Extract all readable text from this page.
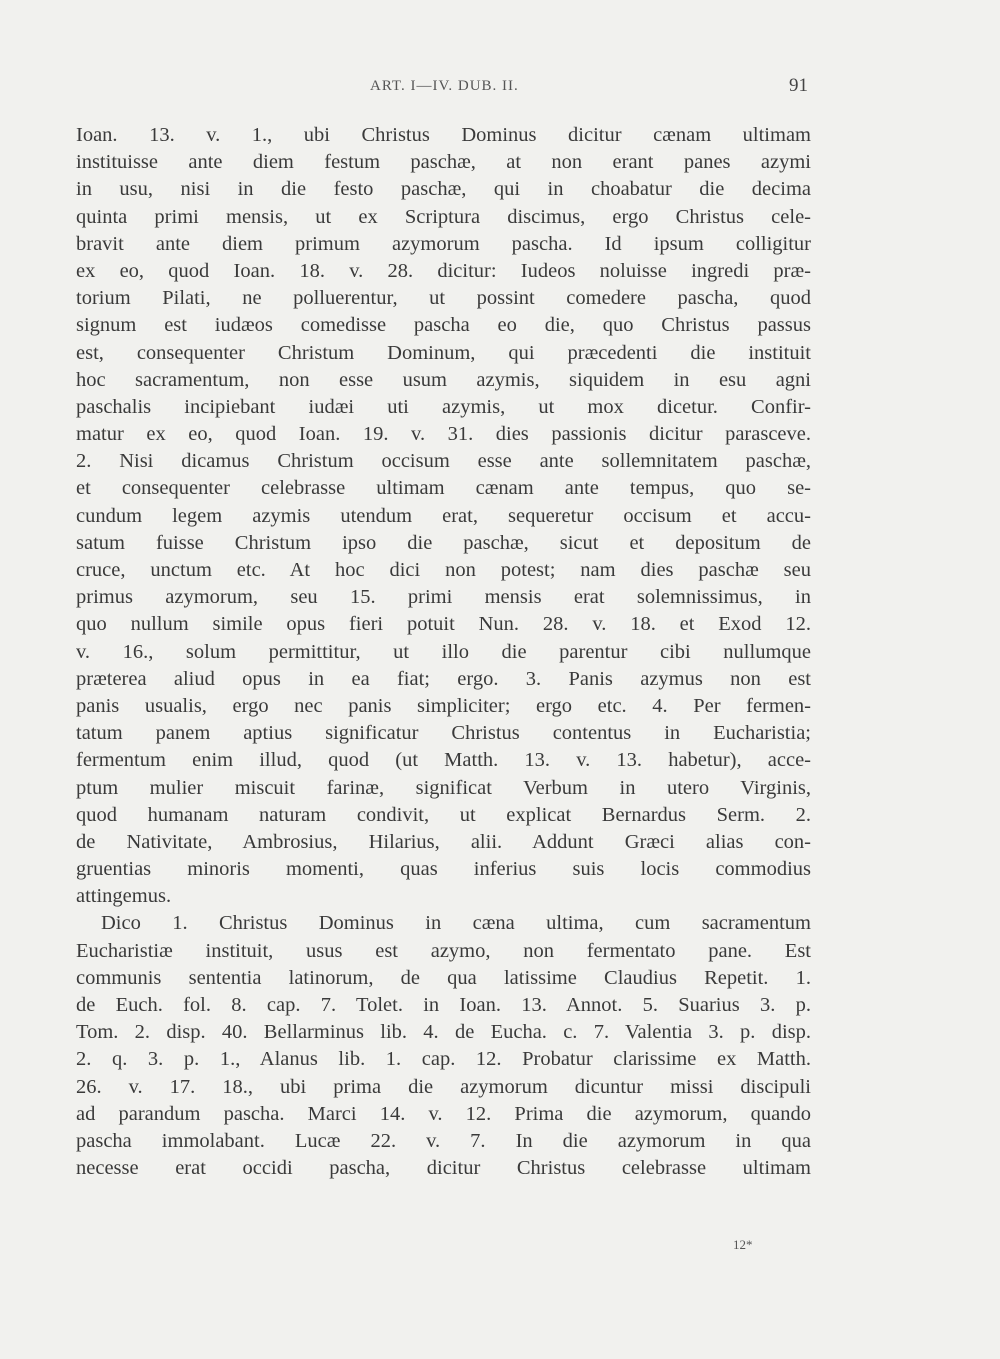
ART. I—IV. DUB. II.	91
Ioan. 13. v. 1., ubi Christus Dominus dicitur cænam ultimam
instituisse ante diem festum paschæ, at non erant panes azymi
in usu, nisi in die festo paschæ, qui in choabatur die decima
quinta primi mensis, ut ex Scriptura discimus, ergo Christus cele-
bravit ante diem primum azymorum pascha. Id ipsum colligitur
ex eo, quod Ioan. 18. v. 28. dicitur: Iudeos noluisse ingredi præ-
torium Pilati, ne polluerentur, ut possint comedere pascha, quod
signum est iudæos comedisse pascha eo die, quo Christus passus
est, consequenter Christum Dominum, qui præcedenti die instituit
hoc sacramentum, non esse usum azymis, siquidem in esu agni
paschalis incipiebant iudæi uti azymis, ut mox dicetur. Confir-
matur ex eo, quod Ioan. 19. v. 31. dies passionis dicitur parasceve.
2. Nisi dicamus Christum occisum esse ante sollemnitatem paschæ,
et consequenter celebrasse ultimam cænam ante tempus, quo se-
cundum legem azymis utendum erat, sequeretur occisum et accu-
satum fuisse Christum ipso die paschæ, sicut et depositum de
cruce, unctum etc. At hoc dici non potest; nam dies paschæ seu
primus azymorum, seu 15. primi mensis erat solemnissimus, in
quo nullum simile opus fieri potuit Nun. 28. v. 18. et Exod 12.
v. 16., solum permittitur, ut illo die parentur cibi nullumque
præterea aliud opus in ea fiat; ergo. 3. Panis azymus non est
panis usualis, ergo nec panis simpliciter; ergo etc. 4. Per fermen-
tatum panem aptius significatur Christus contentus in Eucharistia;
fermentum enim illud, quod (ut Matth. 13. v. 13. habetur), acce-
ptum mulier miscuit farinæ, significat Verbum in utero Virginis,
quod humanam naturam condivit, ut explicat Bernardus Serm. 2.
de Nativitate, Ambrosius, Hilarius, alii. Addunt Græci alias con-
gruentias minoris momenti, quas inferius suis locis commodius
attingemus.
Dico 1. Christus Dominus in cæna ultima, cum sacramentum
Eucharistiæ instituit, usus est azymo, non fermentato pane. Est
communis sententia latinorum, de qua latissime Claudius Repetit. 1.
de Euch. fol. 8. cap. 7. Tolet. in Ioan. 13. Annot. 5. Suarius 3. p.
Tom. 2. disp. 40. Bellarminus lib. 4. de Eucha. c. 7. Valentia 3. p. disp.
2. q. 3. p. 1., Alanus lib. 1. cap. 12. Probatur clarissime ex Matth.
26. v. 17. 18., ubi prima die azymorum dicuntur missi discipuli
ad parandum pascha. Marci 14. v. 12. Prima die azymorum, quando
pascha immolabant. Lucæ 22. v. 7. In die azymorum in qua
necesse erat occidi pascha, dicitur Christus celebrasse ultimam
12*
